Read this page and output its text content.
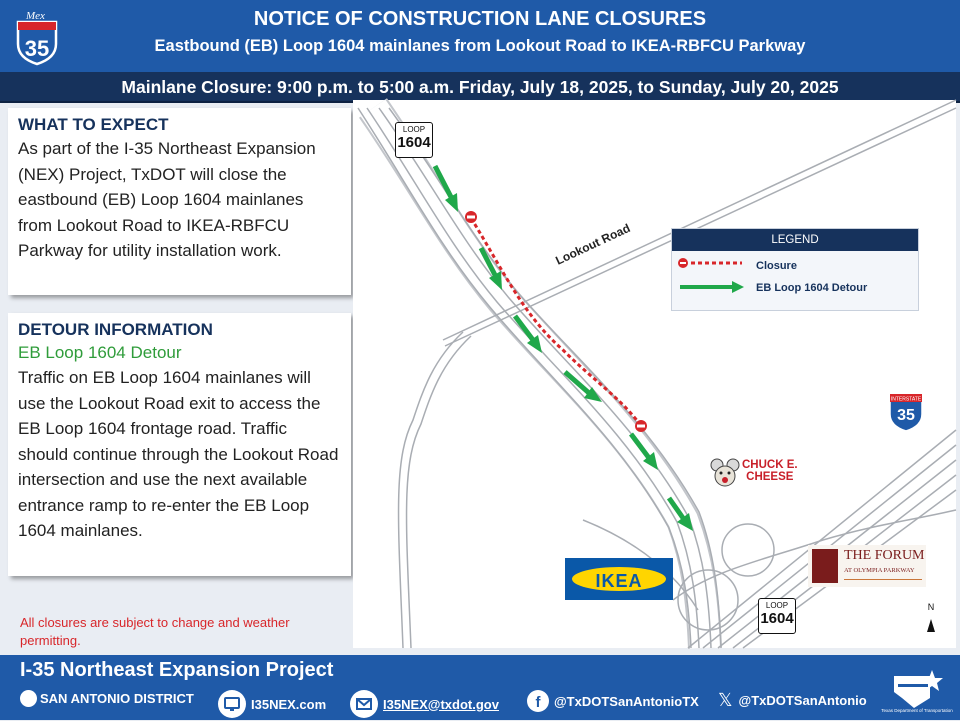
35
Mex	NOTICE OF CONSTRUCTION LANE CLOSURES
Eastbound (EB) Loop 1604 mainlanes from Lookout Road to IKEA-RBFCU Parkway
Mainlane Closure: 9:00 p.m. to 5:00 a.m. Friday, July 18, 2025, to Sunday, July 20, 2025
WHAT TO EXPECT

As part of the I-35 Northeast Expansion (NEX) Project, TxDOT will close the eastbound (EB) Loop 1604 mainlanes from Lookout Road to IKEA-RBFCU Parkway for utility installation work.

DETOUR INFORMATION
EB Loop 1604 Detour

Traffic on EB Loop 1604 mainlanes will use the Lookout Road exit to access the EB Loop 1604 frontage road. Traffic should continue through the Lookout Road intersection and use the next available entrance ramp to re-enter the EB Loop 1604 mainlanes.

All closures are subject to change and weather permitting.
Lookout Road
LOOP
1604
LOOP
1604
INTERSTATE
35
LEGEND
Closure
EB Loop 1604 Detour
CHUCK E.
CHEESE
IKEA
THE FORUM
AT OLYMPIA PARKWAY
N
I-35 Northeast Expansion Project
SAN ANTONIO DISTRICT	I35NEX.com	I35NEX@txdot.gov f @TxDOTSanAntonioTX 𝕏 @TxDOTSanAntonio
Texas Department of Transportation
